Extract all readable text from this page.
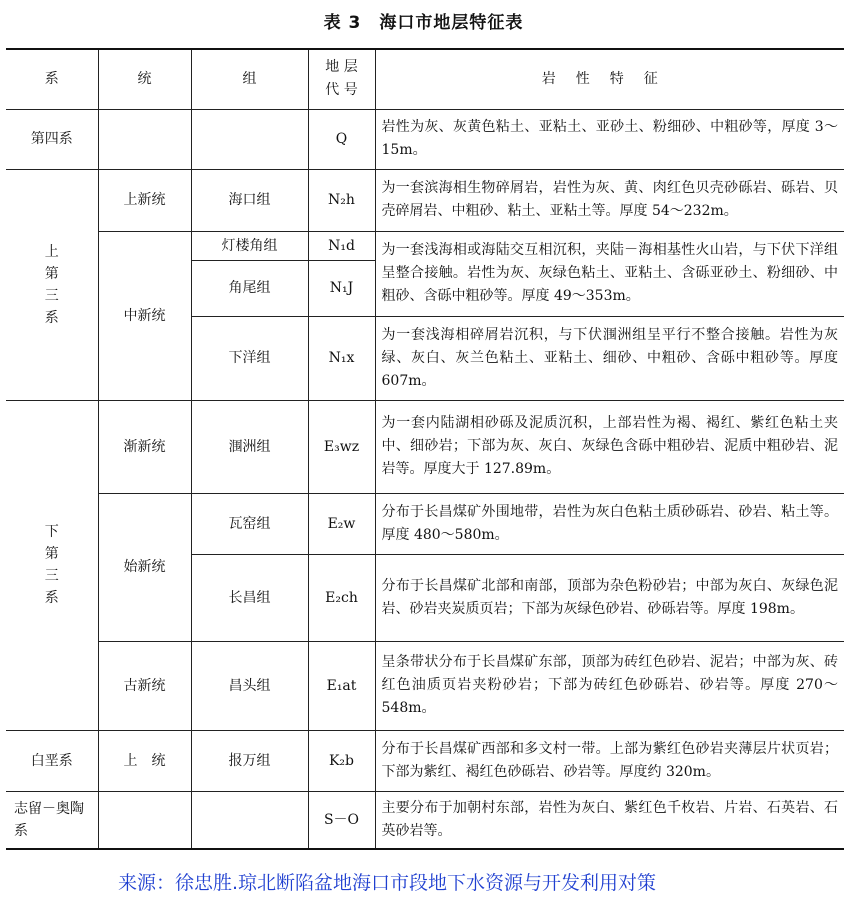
表 3　海口市地层特征表
系	统	组	地 层 代 号	岩性特征
第四系			Q	岩性为灰、灰黄色粘土、亚粘土、亚砂土、粉细砂、中粗砂等，厚度 3～15m。

上
第
三
系	上新统	海口组	N₂h	为一套滨海相生物碎屑岩，岩性为灰、黄、肉红色贝壳砂砾岩、砾岩、贝壳碎屑岩、中粗砂、粘土、亚粘土等。厚度 54～232m。
	中新统	灯楼角组	N₁d	为一套浅海相或海陆交互相沉积，夹陆－海相基性火山岩，与下伏下洋组呈整合接触。岩性为灰、灰绿色粘土、亚粘土、含砾亚砂土、粉细砂、中粗砂、含砾中粗砂等。厚度 49～353m。
		角尾组	N₁J	
		下洋组	N₁x	为一套浅海相碎屑岩沉积，与下伏涠洲组呈平行不整合接触。岩性为灰绿、灰白、灰兰色粘土、亚粘土、细砂、中粗砂、含砾中粗砂等。厚度 607m。

下
第
三
系	渐新统	涠洲组	E₃wz	为一套内陆湖相砂砾及泥质沉积，上部岩性为褐、褐红、紫红色粘土夹中、细砂岩；下部为灰、灰白、灰绿色含砾中粗砂岩、泥质中粗砂岩、泥岩等。厚度大于 127.89m。
	始新统	瓦窑组	E₂w	分布于长昌煤矿外围地带，岩性为灰白色粘土质砂砾岩、砂岩、粘土等。厚度 480～580m。
		长昌组	E₂ch	分布于长昌煤矿北部和南部，顶部为杂色粉砂岩；中部为灰白、灰绿色泥岩、砂岩夹炭质页岩；下部为灰绿色砂岩、砂砾岩等。厚度 198m。
	古新统	昌头组	E₁at	呈条带状分布于长昌煤矿东部，顶部为砖红色砂岩、泥岩；中部为灰、砖红色油质页岩夹粉砂岩；下部为砖红色砂砾岩、砂岩等。厚度 270～548m。
白垩系	上　统	报万组	K₂b	分布于长昌煤矿西部和多文村一带。上部为紫红色砂岩夹薄层片状页岩；下部为紫红、褐红色砂砾岩、砂岩等。厚度约 320m。
志留－奥陶系			S－O	主要分布于加朝村东部，岩性为灰白、紫红色千枚岩、片岩、石英岩、石英砂岩等。
来源：徐忠胜.琼北断陷盆地海口市段地下水资源与开发利用对策
